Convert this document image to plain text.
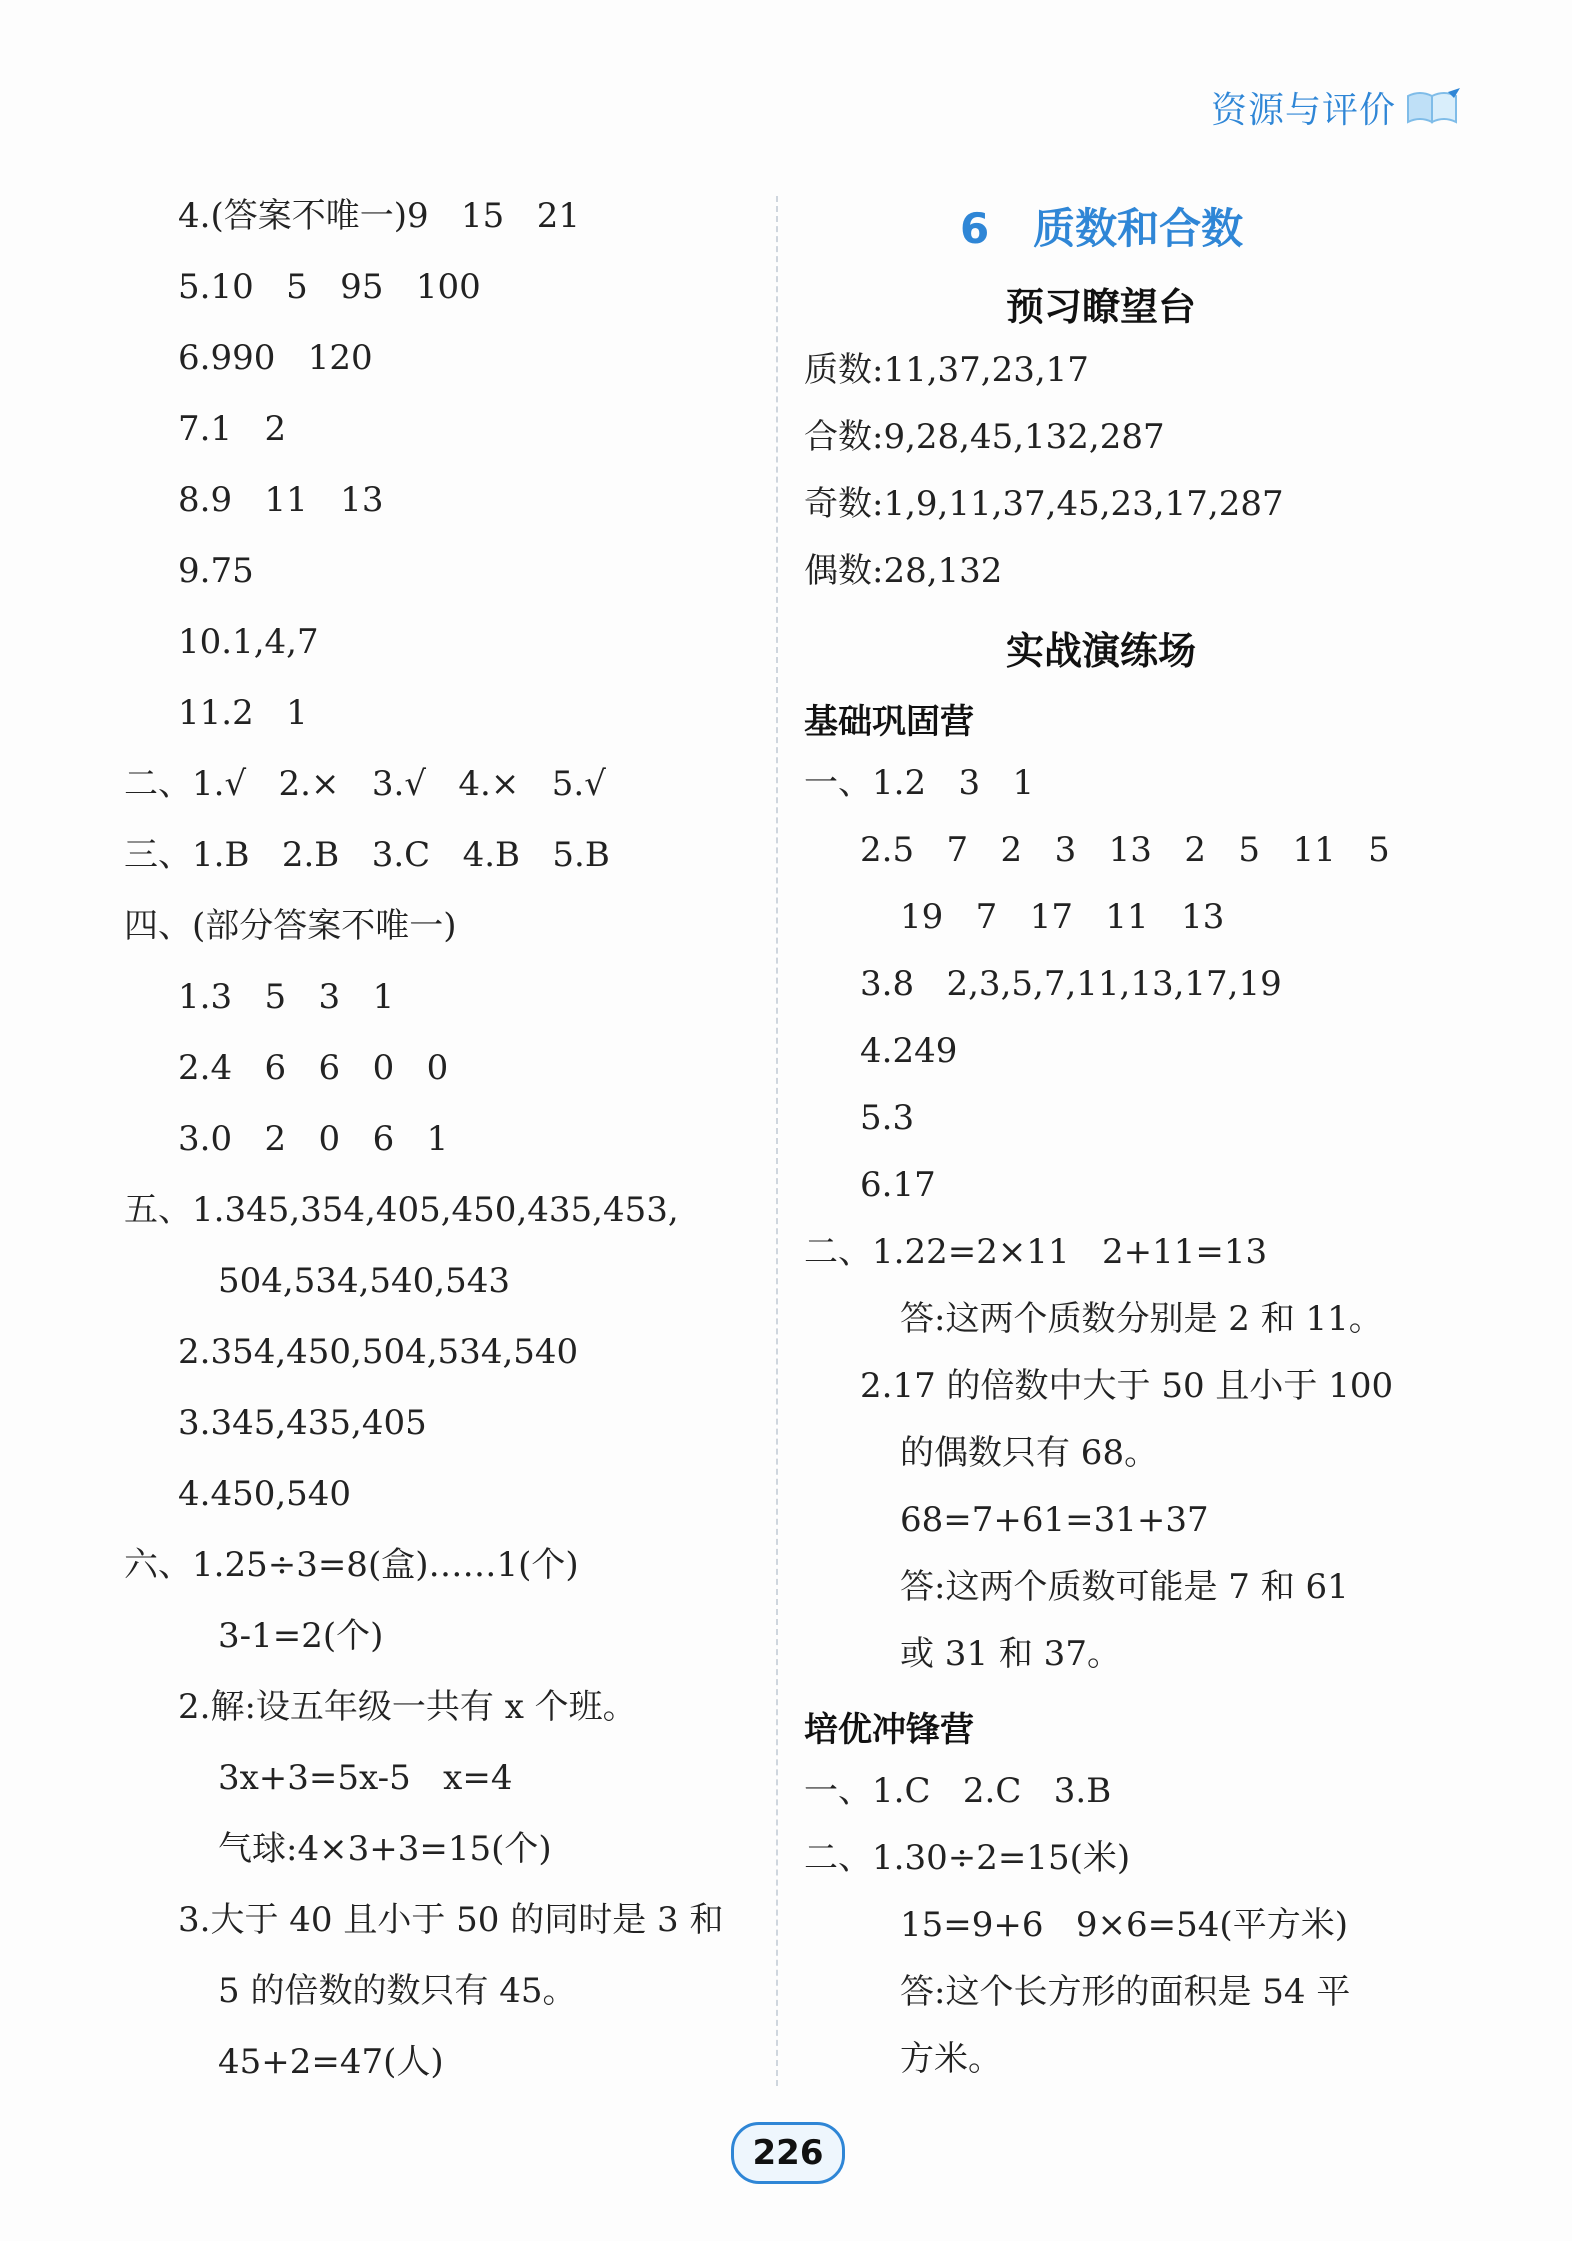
资源与评价
4.(答案不唯一)9   15   21
5.10   5   95   100
6.990   120
7.1   2
8.9   11   13
9.75
10.1,4,7
11.2   1
二、1.√   2.×   3.√   4.×   5.√
三、1.B   2.B   3.C   4.B   5.B
四、(部分答案不唯一)
1.3   5   3   1
2.4   6   6   0   0
3.0   2   0   6   1
五、1.345,354,405,450,435,453,
504,534,540,543
2.354,450,504,534,540
3.345,435,405
4.450,540
六、1.25÷3=8(盒)……1(个)
3-1=2(个)
2.解:设五年级一共有 x 个班。
3x+3=5x-5   x=4
气球:4×3+3=15(个)
3.大于 40 且小于 50 的同时是 3 和
5 的倍数的数只有 45。
45+2=47(人)
6   质数和合数
预习瞭望台
质数:11,37,23,17
合数:9,28,45,132,287
奇数:1,9,11,37,45,23,17,287
偶数:28,132
实战演练场
基础巩固营
一、1.2   3   1
2.5   7   2   3   13   2   5   11   5
19   7   17   11   13
3.8   2,3,5,7,11,13,17,19
4.249
5.3
6.17
二、1.22=2×11   2+11=13
答:这两个质数分别是 2 和 11。
2.17 的倍数中大于 50 且小于 100
的偶数只有 68。
68=7+61=31+37
答:这两个质数可能是 7 和 61
或 31 和 37。
培优冲锋营
一、1.C   2.C   3.B
二、1.30÷2=15(米)
15=9+6   9×6=54(平方米)
答:这个长方形的面积是 54 平
方米。
226
